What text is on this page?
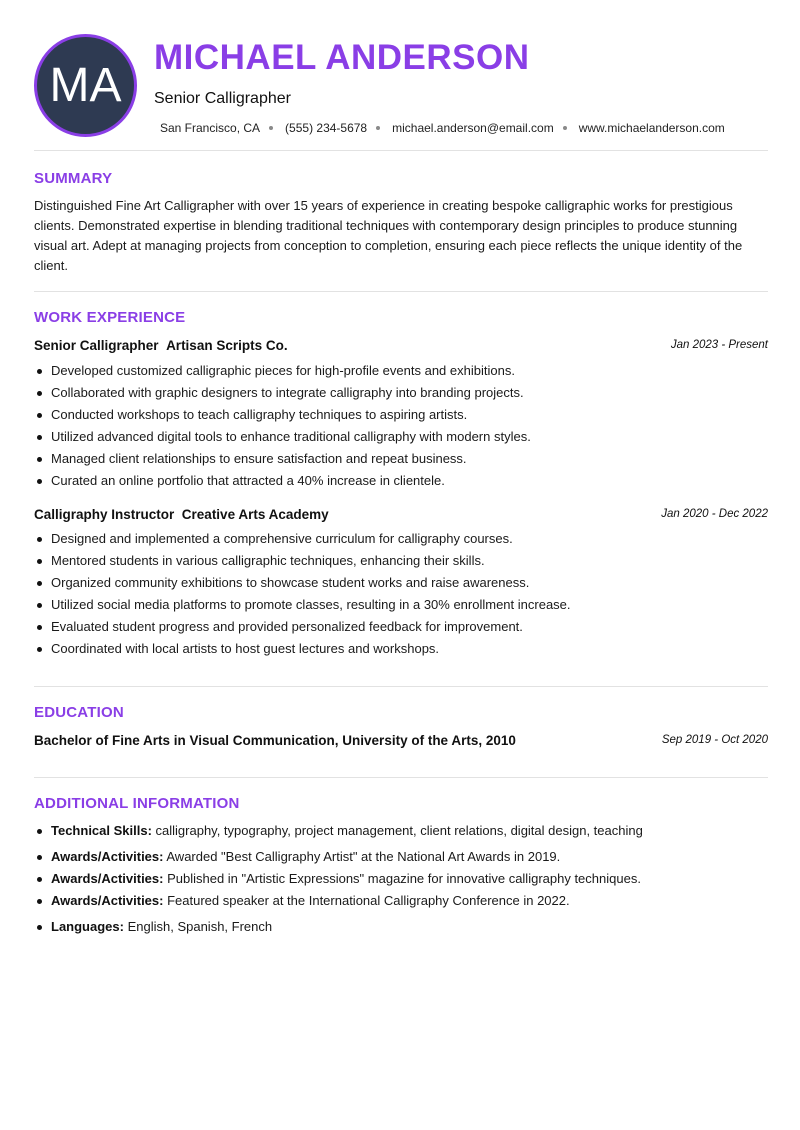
MA
MICHAEL ANDERSON
Senior Calligrapher
San Francisco, CA (555) 234-5678 michael.anderson@email.com www.michaelanderson.com
SUMMARY
Distinguished Fine Art Calligrapher with over 15 years of experience in creating bespoke calligraphic works for prestigious clients. Demonstrated expertise in blending traditional techniques with contemporary design principles to produce stunning visual art. Adept at managing projects from conception to completion, ensuring each piece reflects the unique identity of the client.
WORK EXPERIENCE
Senior Calligrapher Artisan Scripts Co.	Jan 2023 - Present
Developed customized calligraphic pieces for high-profile events and exhibitions.
Collaborated with graphic designers to integrate calligraphy into branding projects.
Conducted workshops to teach calligraphy techniques to aspiring artists.
Utilized advanced digital tools to enhance traditional calligraphy with modern styles.
Managed client relationships to ensure satisfaction and repeat business.
Curated an online portfolio that attracted a 40% increase in clientele.
Calligraphy Instructor Creative Arts Academy	Jan 2020 - Dec 2022
Designed and implemented a comprehensive curriculum for calligraphy courses.
Mentored students in various calligraphic techniques, enhancing their skills.
Organized community exhibitions to showcase student works and raise awareness.
Utilized social media platforms to promote classes, resulting in a 30% enrollment increase.
Evaluated student progress and provided personalized feedback for improvement.
Coordinated with local artists to host guest lectures and workshops.
EDUCATION
Bachelor of Fine Arts in Visual Communication, University of the Arts, 2010	Sep 2019 - Oct 2020
ADDITIONAL INFORMATION
Technical Skills: calligraphy, typography, project management, client relations, digital design, teaching
Awards/Activities: Awarded "Best Calligraphy Artist" at the National Art Awards in 2019.
Awards/Activities: Published in "Artistic Expressions" magazine for innovative calligraphy techniques.
Awards/Activities: Featured speaker at the International Calligraphy Conference in 2022.
Languages: English, Spanish, French
